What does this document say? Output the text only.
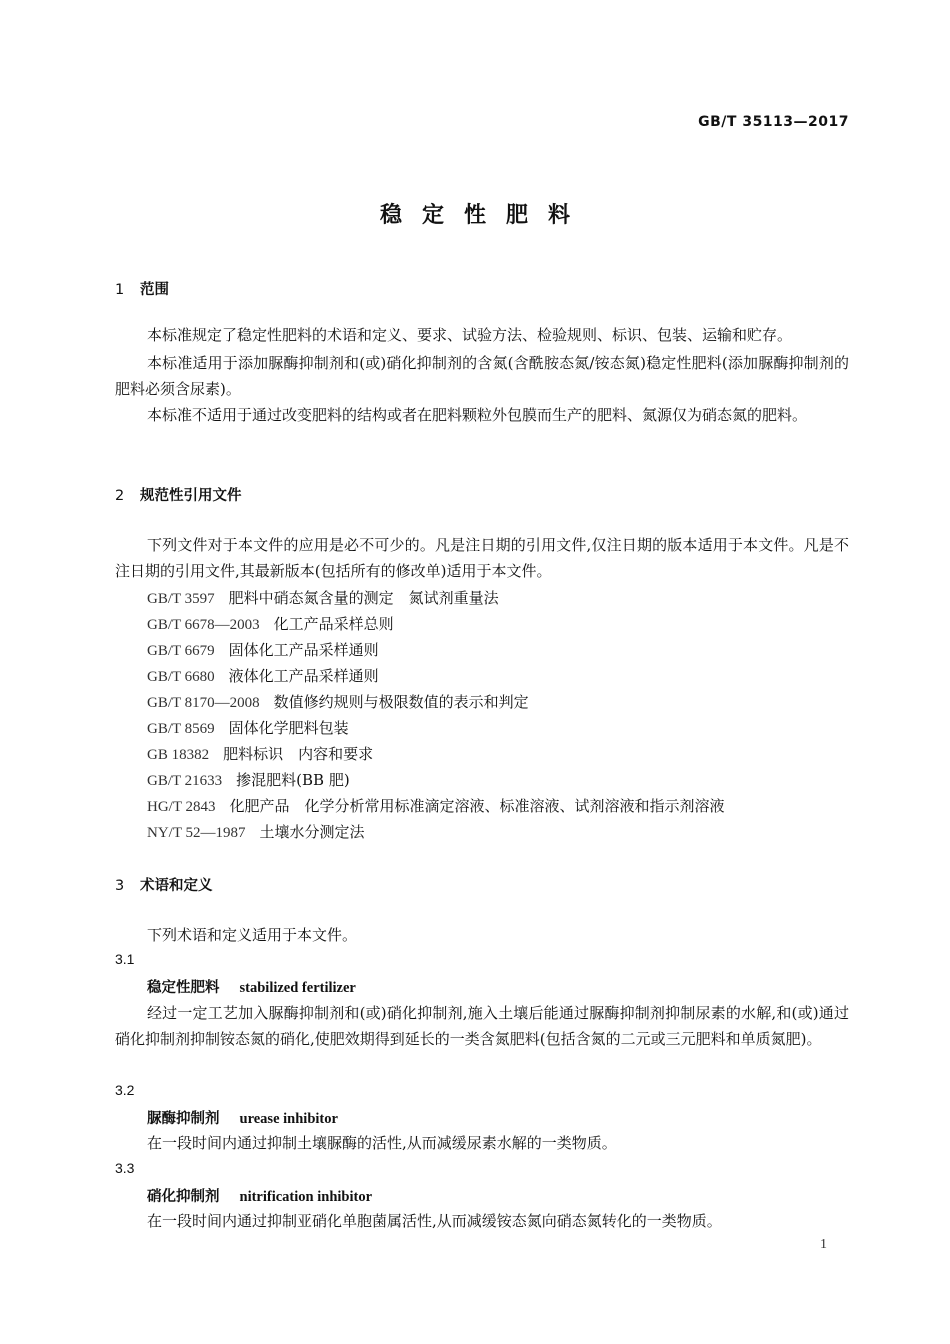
GB/T 35113—2017
稳定性肥料
1 范围
本标准规定了稳定性肥料的术语和定义、要求、试验方法、检验规则、标识、包装、运输和贮存。
本标准适用于添加脲酶抑制剂和(或)硝化抑制剂的含氮(含酰胺态氮/铵态氮)稳定性肥料(添加脲酶抑制剂的肥料必须含尿素)。
本标准不适用于通过改变肥料的结构或者在肥料颗粒外包膜而生产的肥料、氮源仅为硝态氮的肥料。
2 规范性引用文件
下列文件对于本文件的应用是必不可少的。凡是注日期的引用文件,仅注日期的版本适用于本文件。凡是不注日期的引用文件,其最新版本(包括所有的修改单)适用于本文件。
GB/T 3597 肥料中硝态氮含量的测定　氮试剂重量法
GB/T 6678—2003 化工产品采样总则
GB/T 6679 固体化工产品采样通则
GB/T 6680 液体化工产品采样通则
GB/T 8170—2008 数值修约规则与极限数值的表示和判定
GB/T 8569 固体化学肥料包装
GB 18382 肥料标识　内容和要求
GB/T 21633 掺混肥料(BB 肥)
HG/T 2843 化肥产品　化学分析常用标准滴定溶液、标准溶液、试剂溶液和指示剂溶液
NY/T 52—1987 土壤水分测定法
3 术语和定义
下列术语和定义适用于本文件。
3.1
稳定性肥料 stabilized fertilizer
经过一定工艺加入脲酶抑制剂和(或)硝化抑制剂,施入土壤后能通过脲酶抑制剂抑制尿素的水解,和(或)通过硝化抑制剂抑制铵态氮的硝化,使肥效期得到延长的一类含氮肥料(包括含氮的二元或三元肥料和单质氮肥)。
3.2
脲酶抑制剂 urease inhibitor
在一段时间内通过抑制土壤脲酶的活性,从而减缓尿素水解的一类物质。
3.3
硝化抑制剂 nitrification inhibitor
在一段时间内通过抑制亚硝化单胞菌属活性,从而减缓铵态氮向硝态氮转化的一类物质。
1
